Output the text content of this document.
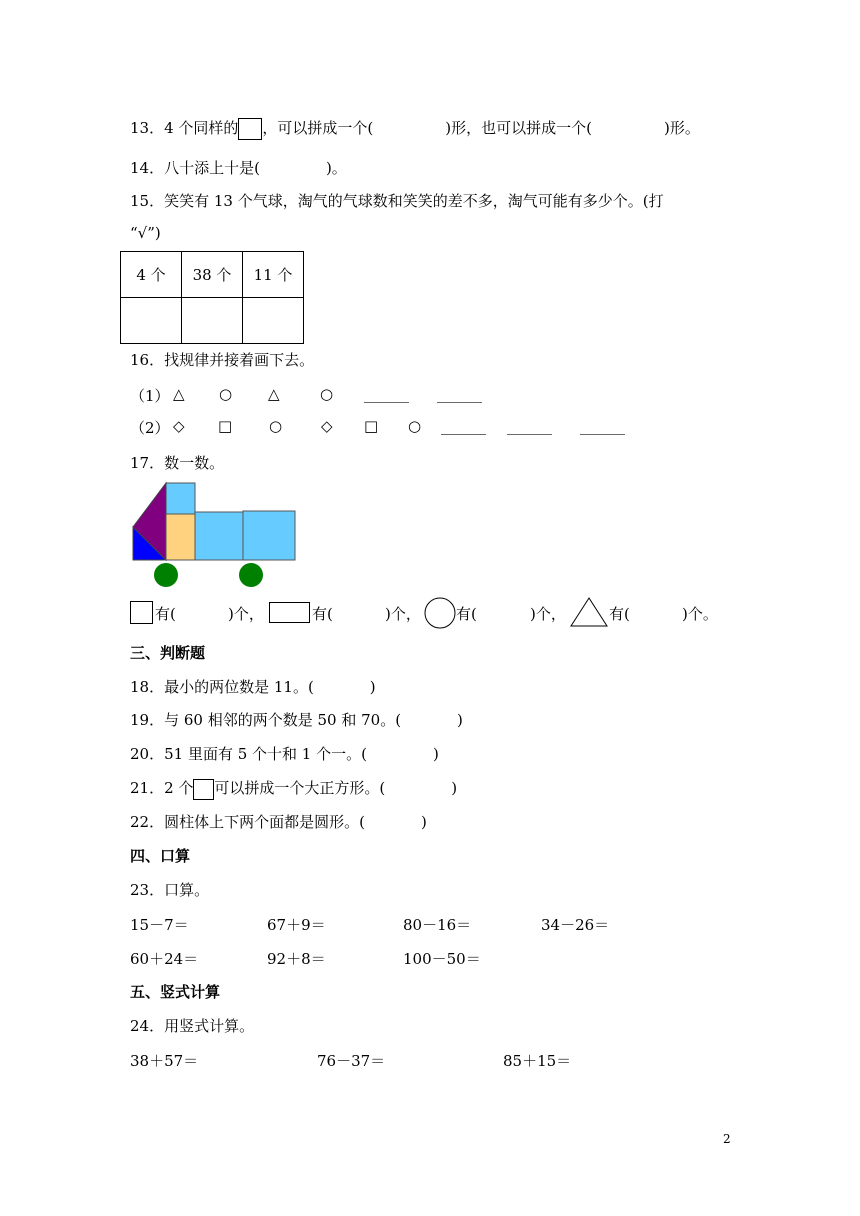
13．4 个同样的 ，可以拼成一个(	)形，也可以拼成一个(	)形。
14．八十添上十是(	)。
15．笑笑有 13 个气球，淘气的气球数和笑笑的差不多，淘气可能有多少个。(打
“√”)
4 个	38 个	11 个

16．找规律并接着画下去。
（1） △ ○ △	○ ______ ______
（2） ◇ □ ○	◇ □ ○ ______ ______ ______
17．数一数。
有(	)个，	有(	)个， 有(	)个，	有(	)个。
三、判断题
18．最小的两位数是 11。(	)
19．与 60 相邻的两个数是 50 和 70。(	)
20．51 里面有 5 个十和 1 个一。(	)
21．2 个 可以拼成一个大正方形。(	)
22．圆柱体上下两个面都是圆形。(	)
四、口算
23．口算。
15－7＝	67＋9＝	80－16＝	34－26＝
60＋24＝	92＋8＝	100－50＝
五、竖式计算
24．用竖式计算。
38＋57＝	76－37＝	85＋15＝
2
